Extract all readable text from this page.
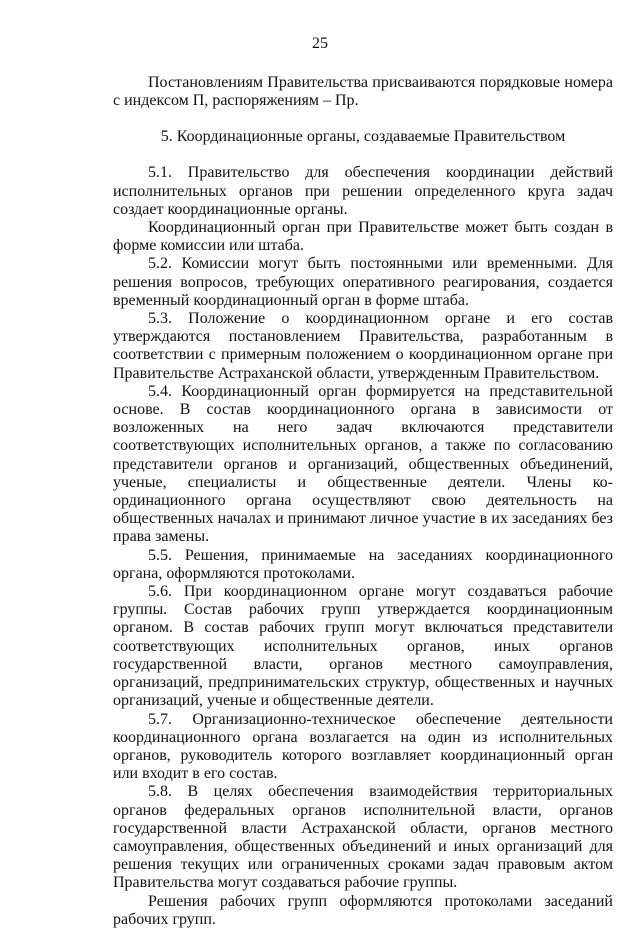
25

Постановлениям Правительства присваиваются порядковые номера с индексом П, распоряжениям – Пр.

5. Координационные органы, создаваемые Правительством

5.1. Правительство для обеспечения координации действий исполнительных органов при решении определенного круга задач создает координационные органы.

Координационный орган при Правительстве может быть создан в форме комиссии или штаба.

5.2. Комиссии могут быть постоянными или временными. Для решения вопросов, требующих оперативного реагирования, создается временный координационный орган в форме штаба.

5.3. Положение о координационном органе и его состав утверждаются постановлением Правительства, разработанным в соответствии с примерным положением о координационном органе при Правительстве Астраханской области, утвержденным Правительством.

5.4. Координационный орган формируется на представительной основе. В состав координационного органа в зависимости от возложенных на него задач включаются представители соответствующих исполнительных органов, а также по согласованию представители органов и организаций, общественных объединений, ученые, специалисты и общественные деятели. Члены координационного органа осуществляют свою деятельность на общественных началах и принимают личное участие в их заседаниях без права замены.

5.5. Решения, принимаемые на заседаниях координационного органа, оформляются протоколами.

5.6. При координационном органе могут создаваться рабочие группы. Состав рабочих групп утверждается координационным органом. В состав рабочих групп могут включаться представители соответствующих исполнительных органов, иных органов государственной власти, органов местного самоуправления, организаций, предпринимательских структур, общественных и научных организаций, ученые и общественные деятели.

5.7. Организационно-техническое обеспечение деятельности координационного органа возлагается на один из исполнительных органов, руководитель которого возглавляет координационный орган или входит в его состав.

5.8. В целях обеспечения взаимодействия территориальных органов федеральных органов исполнительной власти, органов государственной власти Астраханской области, органов местного самоуправления, общественных объединений и иных организаций для решения текущих или ограниченных сроками задач правовым актом Правительства могут создаваться рабочие группы.

Решения рабочих групп оформляются протоколами заседаний рабочих групп.
